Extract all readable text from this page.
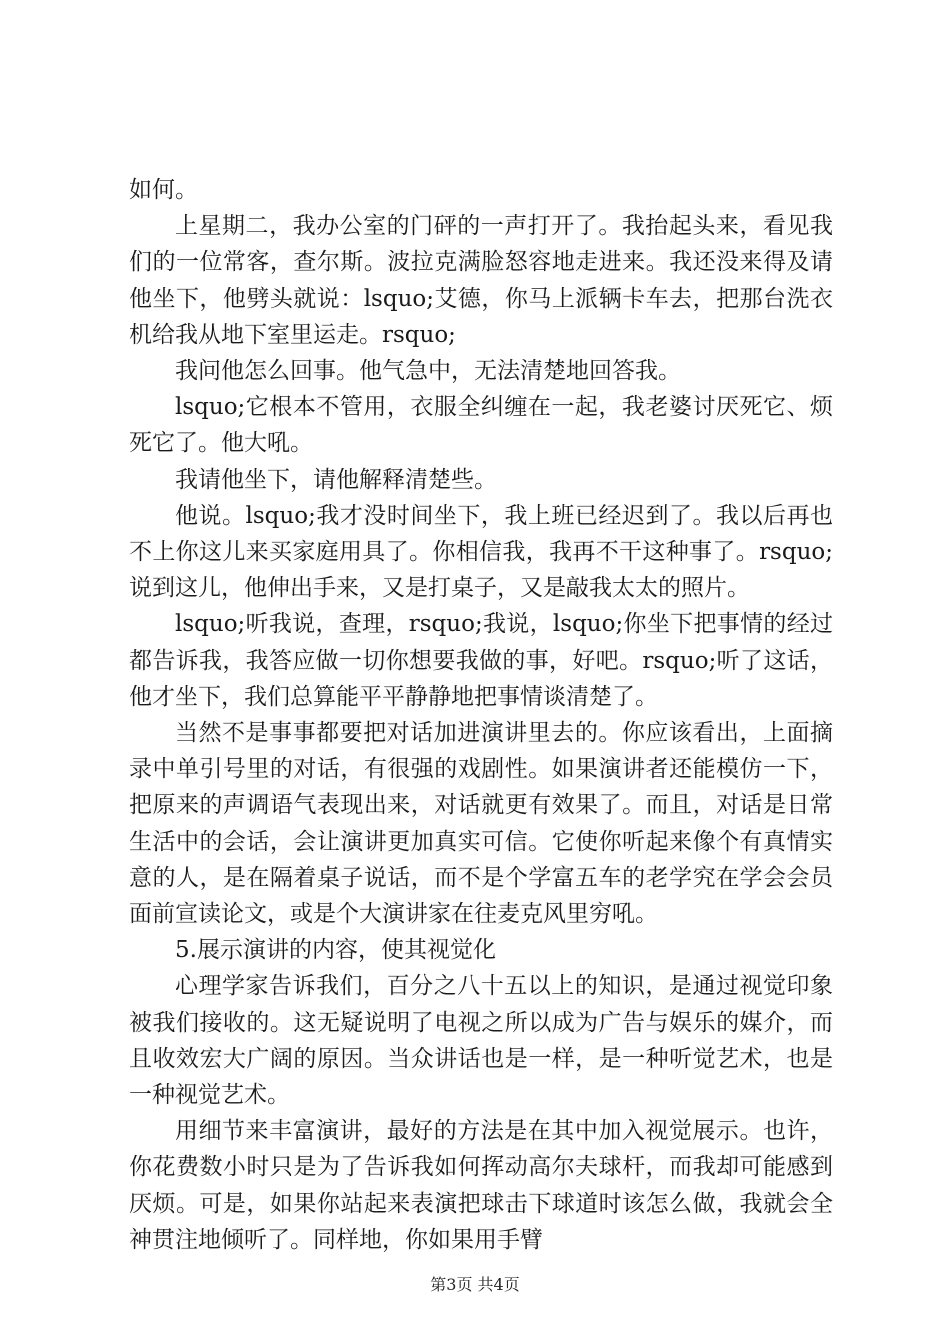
如何。

上星期二，我办公室的门砰的一声打开了。我抬起头来，看见我们的一位常客，查尔斯。波拉克满脸怒容地走进来。我还没来得及请他坐下，他劈头就说：lsquo;艾德，你马上派辆卡车去，把那台洗衣机给我从地下室里运走。rsquo;

我问他怎么回事。他气急中，无法清楚地回答我。

lsquo;它根本不管用，衣服全纠缠在一起，我老婆讨厌死它、烦死它了。他大吼。

我请他坐下，请他解释清楚些。

他说。lsquo;我才没时间坐下，我上班已经迟到了。我以后再也不上你这儿来买家庭用具了。你相信我，我再不干这种事了。rsquo;说到这儿，他伸出手来，又是打桌子，又是敲我太太的照片。

lsquo;听我说，查理，rsquo;我说，lsquo;你坐下把事情的经过都告诉我，我答应做一切你想要我做的事，好吧。rsquo;听了这话，他才坐下，我们总算能平平静静地把事情谈清楚了。

当然不是事事都要把对话加进演讲里去的。你应该看出，上面摘录中单引号里的对话，有很强的戏剧性。如果演讲者还能模仿一下，把原来的声调语气表现出来，对话就更有效果了。而且，对话是日常生活中的会话，会让演讲更加真实可信。它使你听起来像个有真情实意的人，是在隔着桌子说话，而不是个学富五车的老学究在学会会员面前宣读论文，或是个大演讲家在往麦克风里穷吼。

5.展示演讲的内容，使其视觉化

心理学家告诉我们，百分之八十五以上的知识，是通过视觉印象被我们接收的。这无疑说明了电视之所以成为广告与娱乐的媒介，而且收效宏大广阔的原因。当众讲话也是一样，是一种听觉艺术，也是一种视觉艺术。

用细节来丰富演讲，最好的方法是在其中加入视觉展示。也许，你花费数小时只是为了告诉我如何挥动高尔夫球杆，而我却可能感到厌烦。可是，如果你站起来表演把球击下球道时该怎么做，我就会全神贯注地倾听了。同样地，你如果用手臂

第3页 共4页
